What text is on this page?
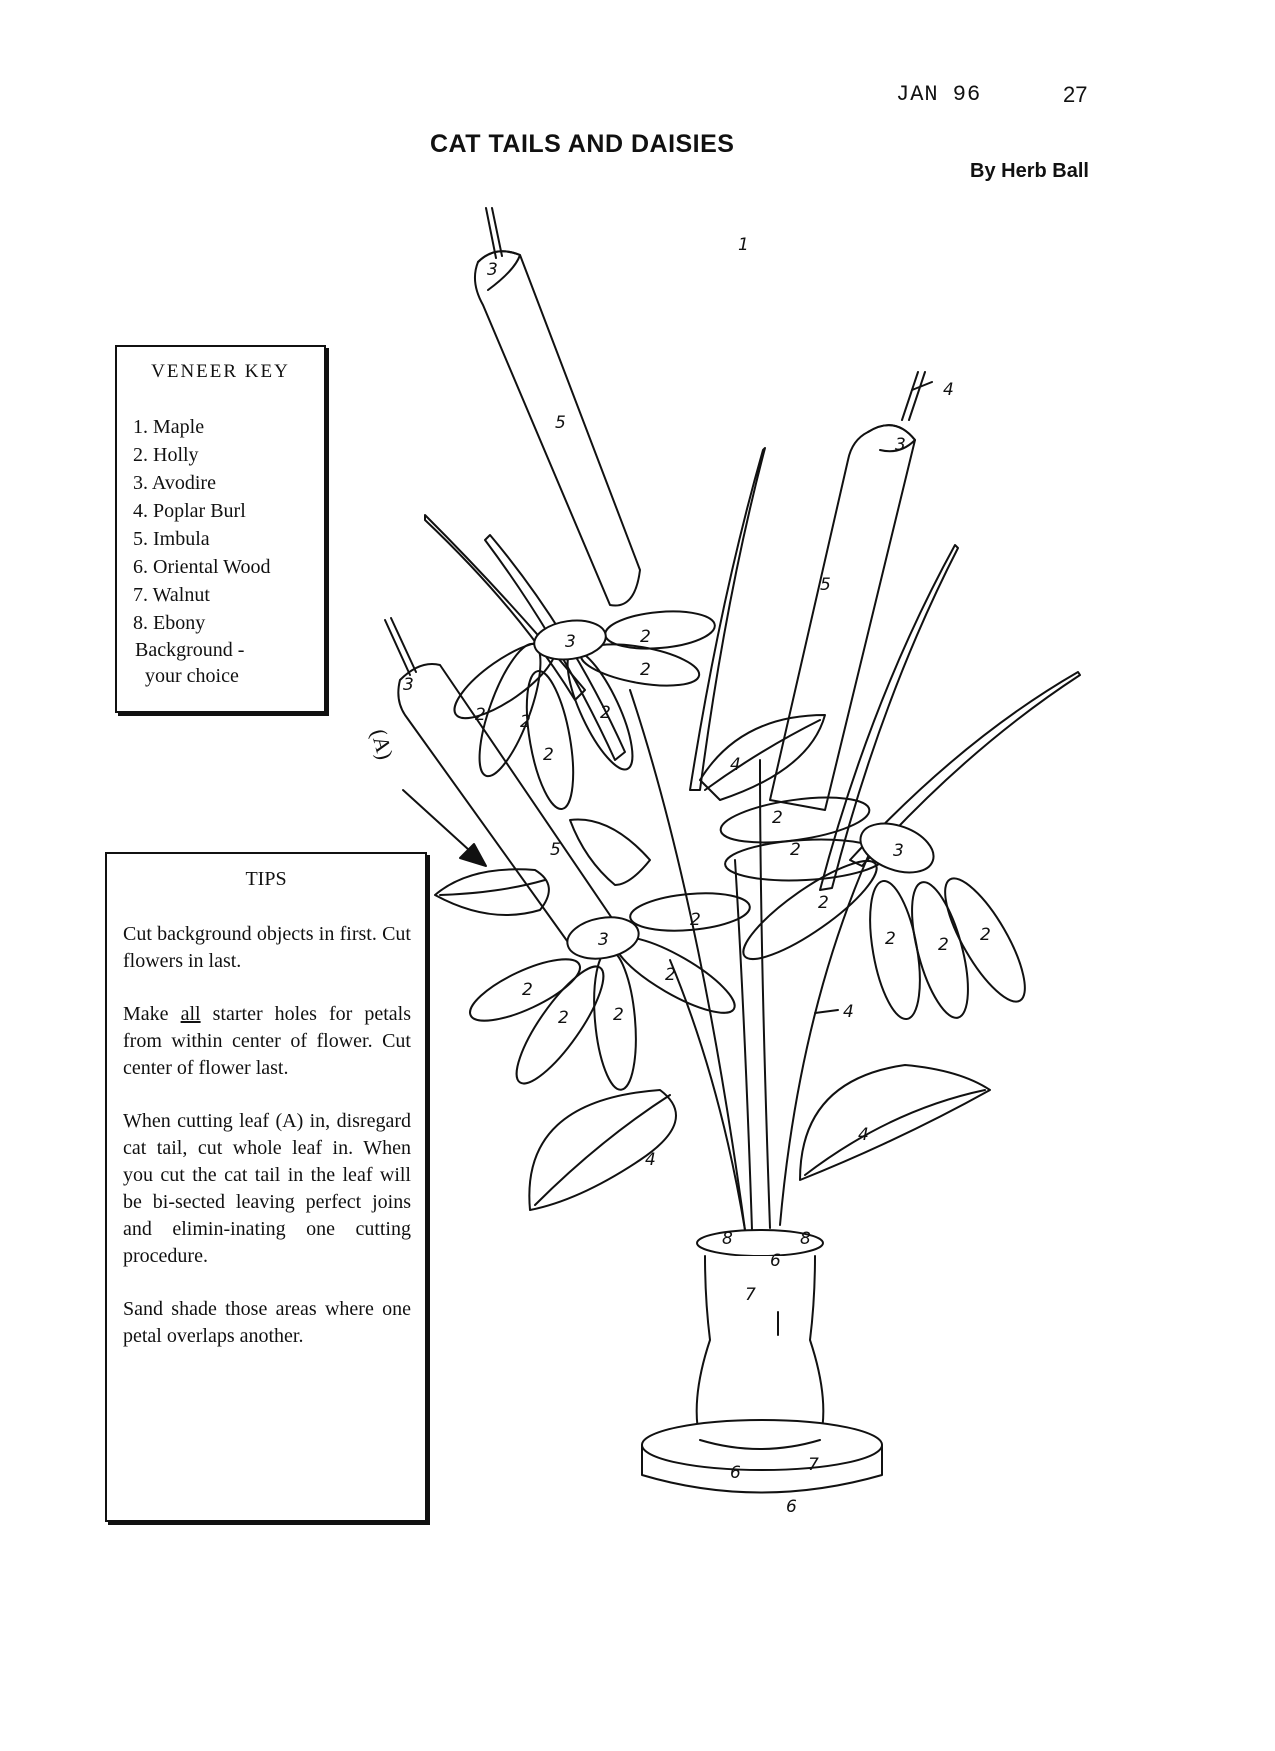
JAN 96	27
CAT TAILS AND DAISIES
By Herb Ball
VENEER KEY
1. Maple
2. Holly
3. Avodire
4. Poplar Burl
5. Imbula
6. Oriental Wood
7. Walnut
8. Ebony
Background -
your choice
TIPS

Cut background objects in first. Cut flowers in last.

Make all starter holes for petals from within center of flower. Cut center of flower last.

When cutting leaf (A) in, disregard cat tail, cut whole leaf in. When you cut the cat tail in the leaf will be bi-sected leaving perfect joins and elimin-inating one cutting procedure.

Sand shade those areas where one petal overlaps another.

1
(A)
5
5
5
3
3
3
4
4
4
4
4
2
2
2
2
2
2
2
2
2
2 2 2
2
2
2
2
2
3
3
3
7
7
8	8
6
6
6
